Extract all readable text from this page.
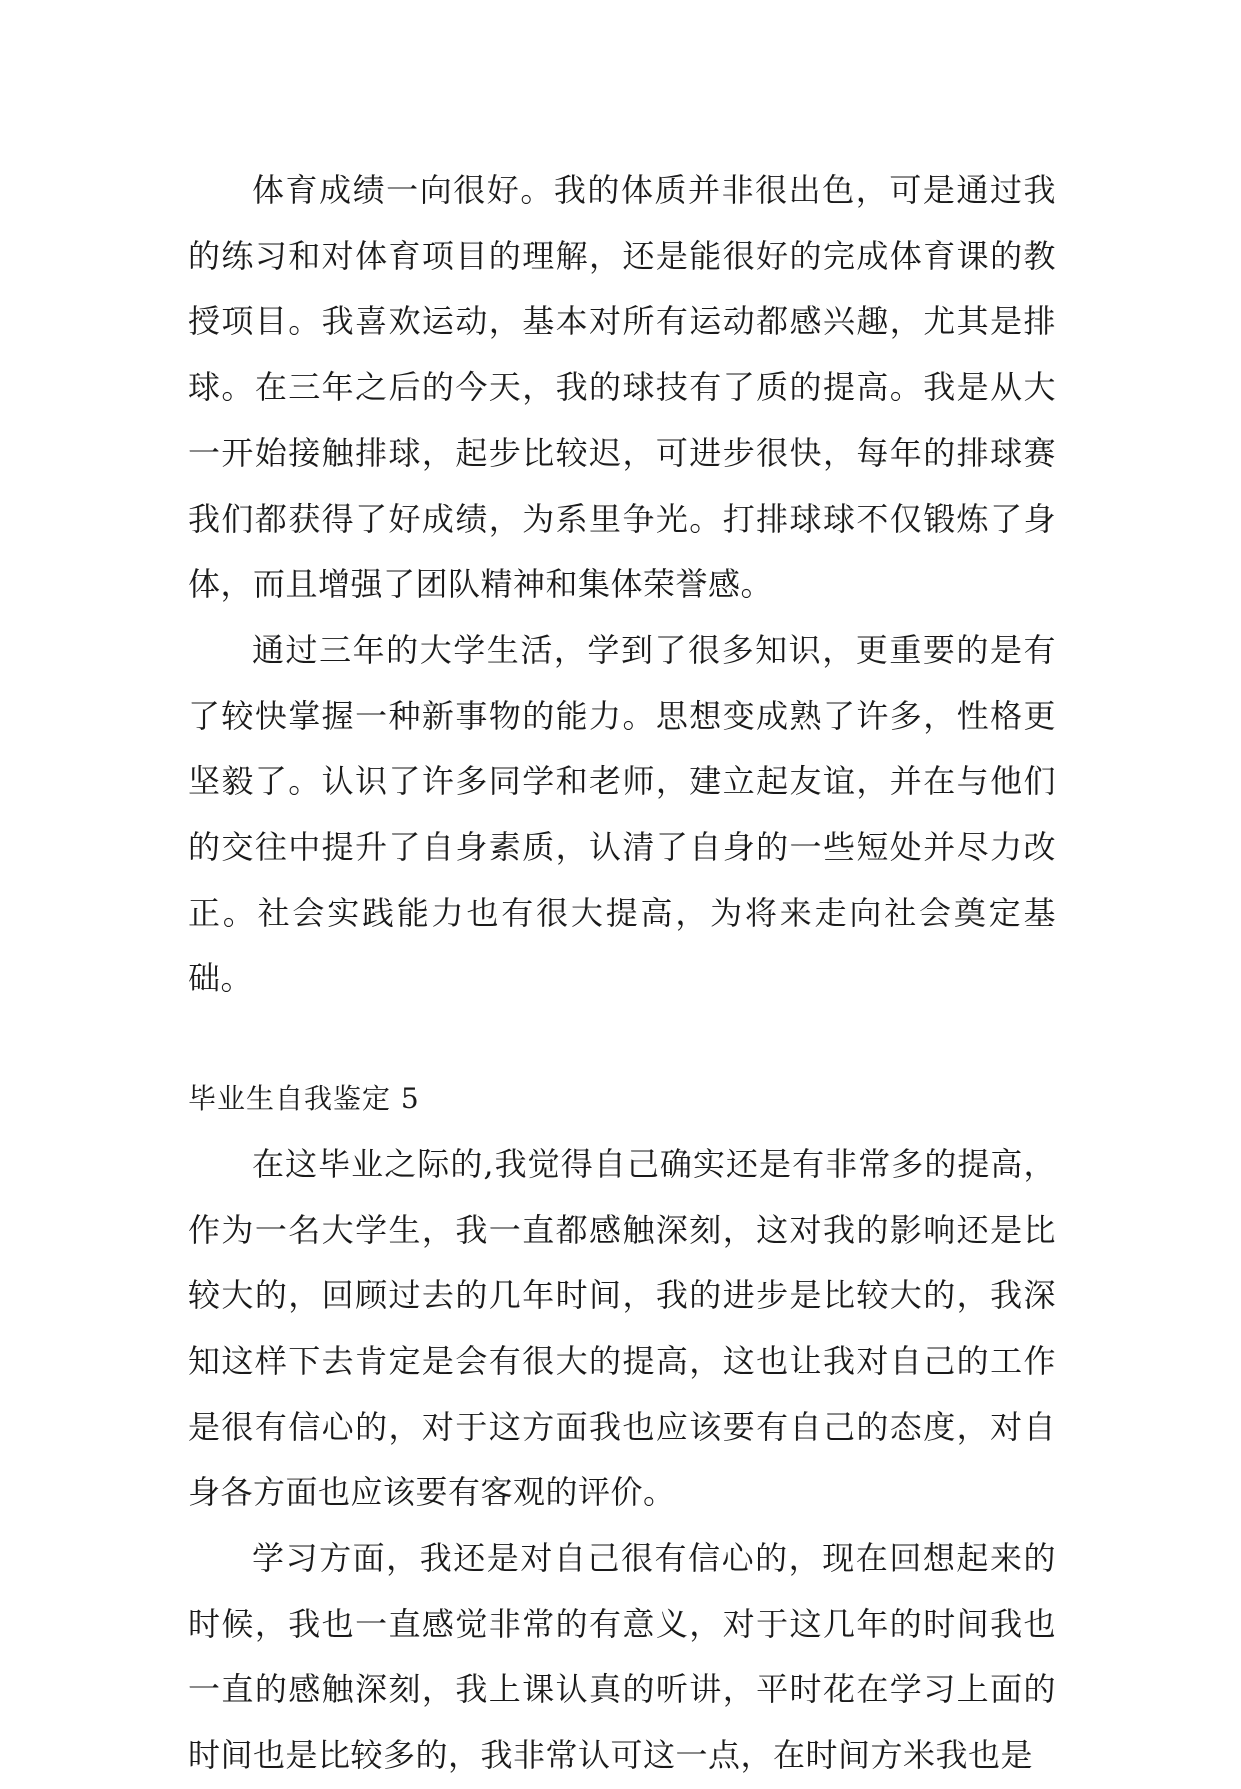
体育成绩一向很好。我的体质并非很出色，可是通过我的练习和对体育项目的理解，还是能很好的完成体育课的教授项目。我喜欢运动，基本对所有运动都感兴趣，尤其是排球。在三年之后的今天，我的球技有了质的提高。我是从大一开始接触排球，起步比较迟，可进步很快，每年的排球赛我们都获得了好成绩，为系里争光。打排球球不仅锻炼了身体，而且增强了团队精神和集体荣誉感。

通过三年的大学生活，学到了很多知识，更重要的是有了较快掌握一种新事物的能力。思想变成熟了许多，性格更坚毅了。认识了许多同学和老师，建立起友谊，并在与他们的交往中提升了自身素质，认清了自身的一些短处并尽力改正。社会实践能力也有很大提高，为将来走向社会奠定基础。

毕业生自我鉴定 5

在这毕业之际的,我觉得自己确实还是有非常多的提高，作为一名大学生，我一直都感触深刻，这对我的影响还是比较大的，回顾过去的几年时间，我的进步是比较大的，我深知这样下去肯定是会有很大的提高，这也让我对自己的工作是很有信心的，对于这方面我也应该要有自己的态度，对自身各方面也应该要有客观的评价。

学习方面，我还是对自己很有信心的，现在回想起来的时候，我也一直感觉非常的有意义，对于这几年的时间我也一直的感触深刻，我上课认真的听讲，平时花在学习上面的时间也是比较多的，我非常认可这一点，在时间方米我也是
